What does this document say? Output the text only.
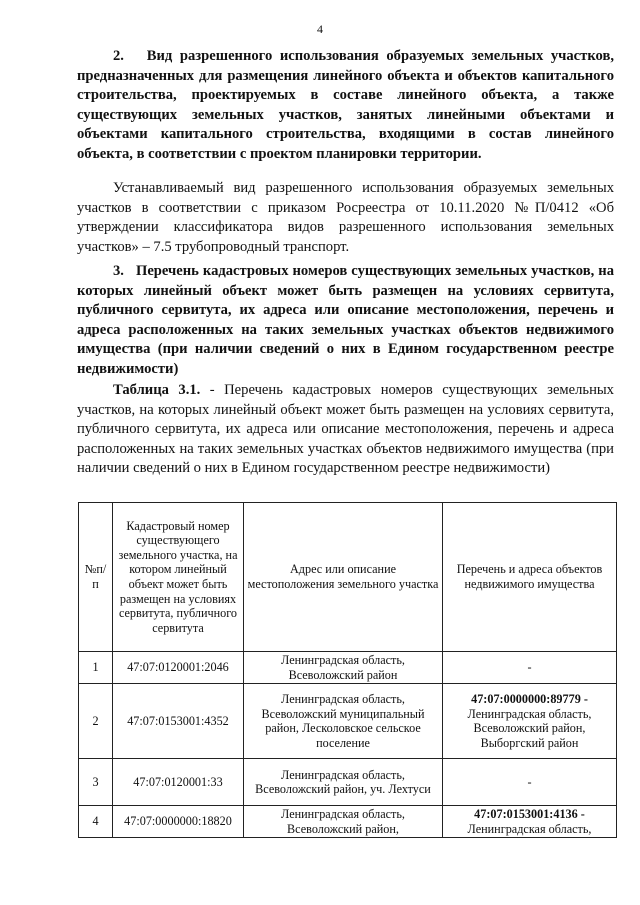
4
2.   Вид разрешенного использования образуемых земельных участков, предназначенных для размещения линейного объекта и объектов капитального строительства, проектируемых в составе линейного объекта, а также существующих земельных участков, занятых линейными объектами и объектами капитального строительства, входящими в состав линейного объекта, в соответствии с проектом планировки территории.
Устанавливаемый вид разрешенного использования образуемых земельных участков в соответствии с приказом Росреестра от 10.11.2020 №П/0412 «Об утверждении классификатора видов разрешенного использования земельных участков» – 7.5 трубопроводный транспорт.
3.   Перечень кадастровых номеров существующих земельных участков, на которых линейный объект может быть размещен на условиях сервитута, публичного сервитута, их адреса или описание местоположения, перечень и адреса расположенных на таких земельных участках объектов недвижимого имущества (при наличии сведений о них в Едином государственном реестре недвижимости)
Таблица 3.1. - Перечень кадастровых номеров существующих земельных участков, на которых линейный объект может быть размещен на условиях сервитута, публичного сервитута, их адреса или описание местоположения, перечень и адреса расположенных на таких земельных участках объектов недвижимого имущества (при наличии сведений о них в Едином государственном реестре недвижимости)
№п/п	Кадастровый номер существующего земельного участка, на котором линейный объект может быть размещен на условиях сервитута, публичного сервитута	Адрес или описание местоположения земельного участка	Перечень и адреса объектов недвижимого имущества
1	47:07:0120001:2046	Ленинградская область, Всеволожский район	-

2	47:07:0153001:4352	Ленинградская область, Всеволожский муниципальный район, Лесколовское сельское поселение	47:07:0000000:89779 -
Ленинградская область, Всеволожский район, Выборгский район

3	47:07:0120001:33	Ленинградская область, Всеволожский район, уч. Лехтуси	-

4	47:07:0000000:18820	Ленинградская область, Всеволожский район,	47:07:0153001:4136 -
Ленинградская область,
